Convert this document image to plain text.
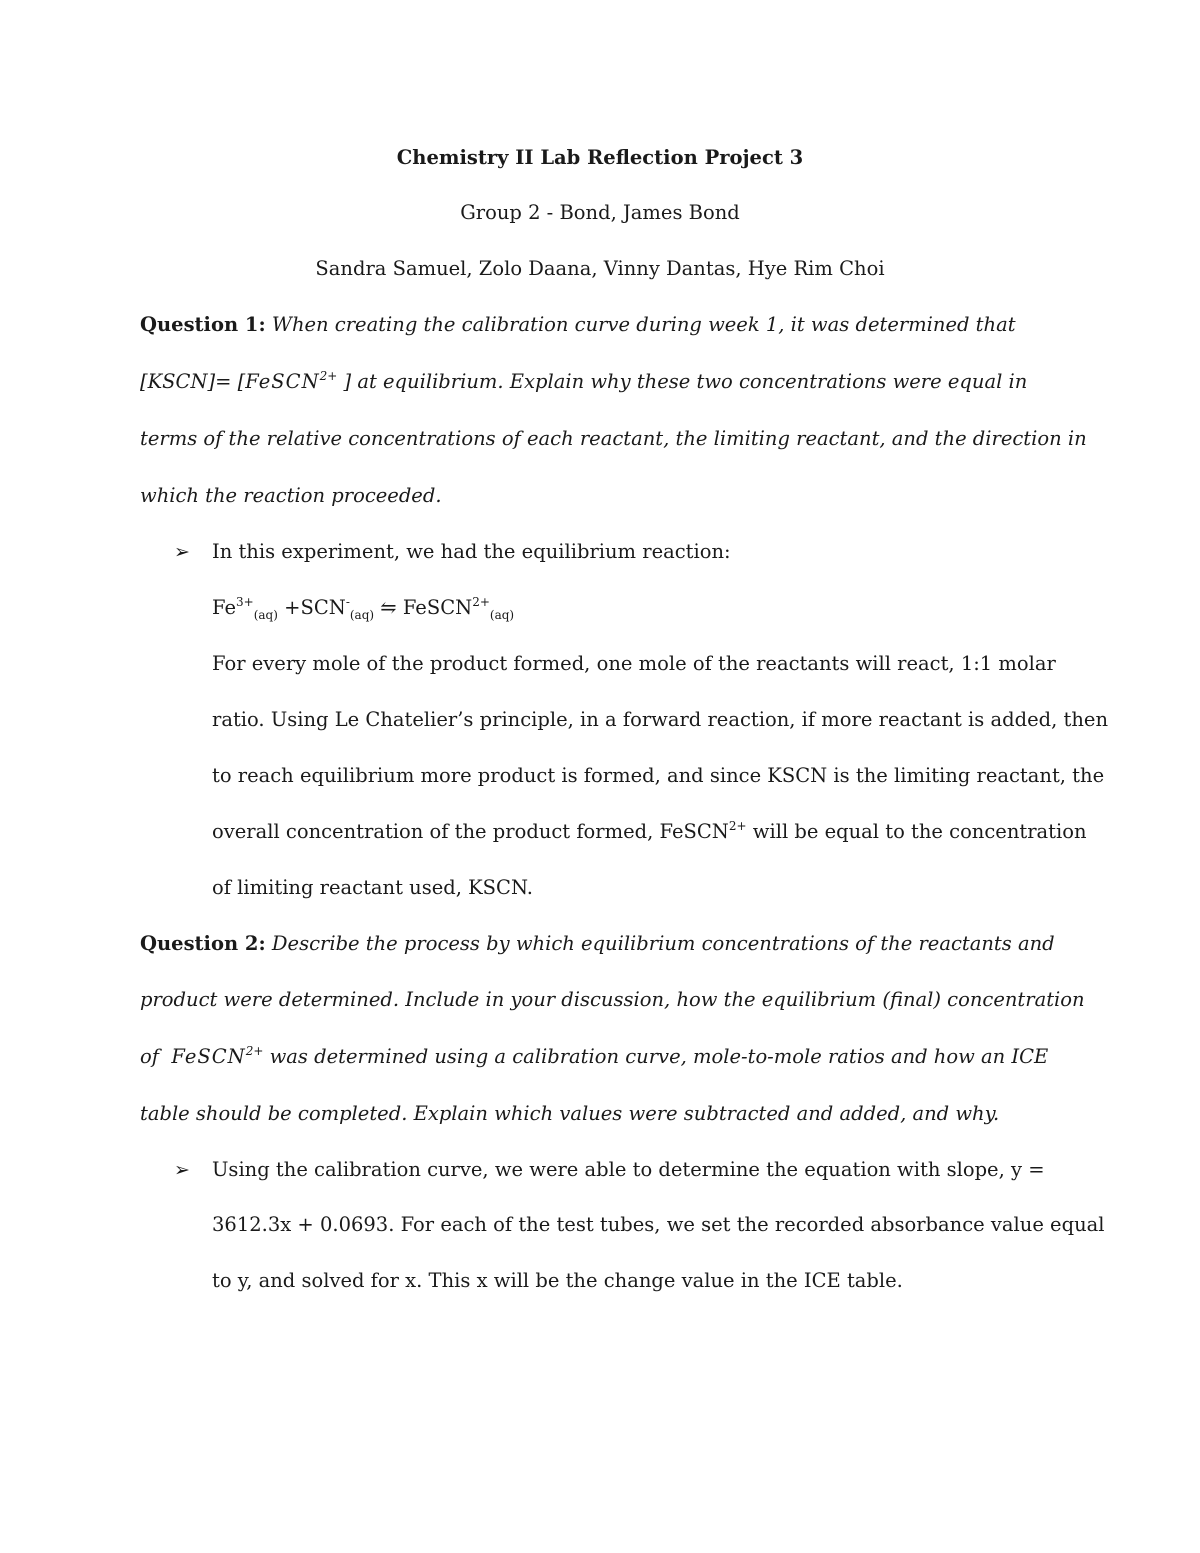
Chemistry II Lab Reflection Project 3
Group 2 - Bond, James Bond
Sandra Samuel, Zolo Daana, Vinny Dantas, Hye Rim Choi
Question 1: When creating the calibration curve during week 1, it was determined that
[KSCN]= [FeSCN$^{2+}$ ] at equilibrium. Explain why these two concentrations were equal in
terms of the relative concentrations of each reactant, the limiting reactant, and the direction in
which the reaction proceeded.
➢ In this experiment, we had the equilibrium reaction:
$Fe^{3+}_{(aq)} +SCN^-_{(aq)}$ ⇋ FeSCN$^{2+}_{(aq)}$
For every mole of the product formed, one mole of the reactants will react, 1:1 molar
ratio. Using Le Chatelier’s principle, in a forward reaction, if more reactant is added, then
to reach equilibrium more product is formed, and since KSCN is the limiting reactant, the
overall concentration of the product formed, FeSCN$^{2+}$ will be equal to the concentration
of limiting reactant used, KSCN.
Question 2: Describe the process by which equilibrium concentrations of the reactants and
product were determined. Include in your discussion, how the equilibrium (final) concentration
of  FeSCN$^{2+}$ was determined using a calibration curve, mole-to-mole ratios and how an ICE
table should be completed. Explain which values were subtracted and added, and why.
➢ Using the calibration curve, we were able to determine the equation with slope, y =
3612.3x + 0.0693. For each of the test tubes, we set the recorded absorbance value equal
to y, and solved for x. This x will be the change value in the ICE table.
